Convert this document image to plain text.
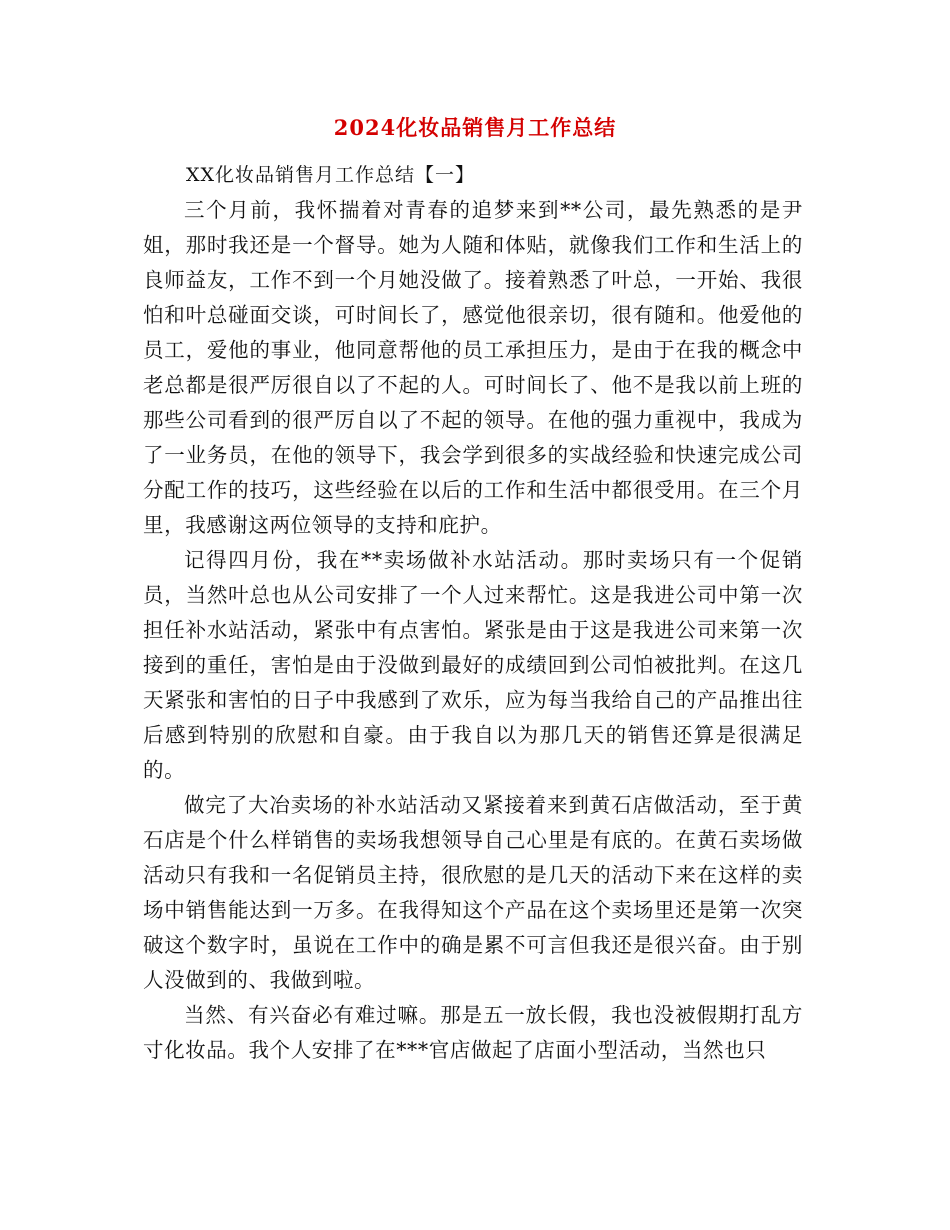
2024化妆品销售月工作总结
XX化妆品销售月工作总结【一】

三个月前，我怀揣着对青春的追梦来到**公司，最先熟悉的是尹姐，那时我还是一个督导。她为人随和体贴，就像我们工作和生活上的良师益友，工作不到一个月她没做了。接着熟悉了叶总，一开始、我很怕和叶总碰面交谈，可时间长了，感觉他很亲切，很有随和。他爱他的员工，爱他的事业，他同意帮他的员工承担压力，是由于在我的概念中老总都是很严厉很自以了不起的人。可时间长了、他不是我以前上班的那些公司看到的很严厉自以了不起的领导。在他的强力重视中，我成为了一业务员，在他的领导下，我会学到很多的实战经验和快速完成公司分配工作的技巧，这些经验在以后的工作和生活中都很受用。在三个月里，我感谢这两位领导的支持和庇护。

记得四月份，我在**卖场做补水站活动。那时卖场只有一个促销员，当然叶总也从公司安排了一个人过来帮忙。这是我进公司中第一次担任补水站活动，紧张中有点害怕。紧张是由于这是我进公司来第一次接到的重任，害怕是由于没做到最好的成绩回到公司怕被批判。在这几天紧张和害怕的日子中我感到了欢乐，应为每当我给自己的产品推出往后感到特别的欣慰和自豪。由于我自以为那几天的销售还算是很满足的。

做完了大冶卖场的补水站活动又紧接着来到黄石店做活动，至于黄石店是个什么样销售的卖场我想领导自己心里是有底的。在黄石卖场做活动只有我和一名促销员主持，很欣慰的是几天的活动下来在这样的卖场中销售能达到一万多。在我得知这个产品在这个卖场里还是第一次突破这个数字时，虽说在工作中的确是累不可言但我还是很兴奋。由于别人没做到的、我做到啦。

当然、有兴奋必有难过嘛。那是五一放长假，我也没被假期打乱方寸化妆品。我个人安排了在***官店做起了店面小型活动，当然也只
